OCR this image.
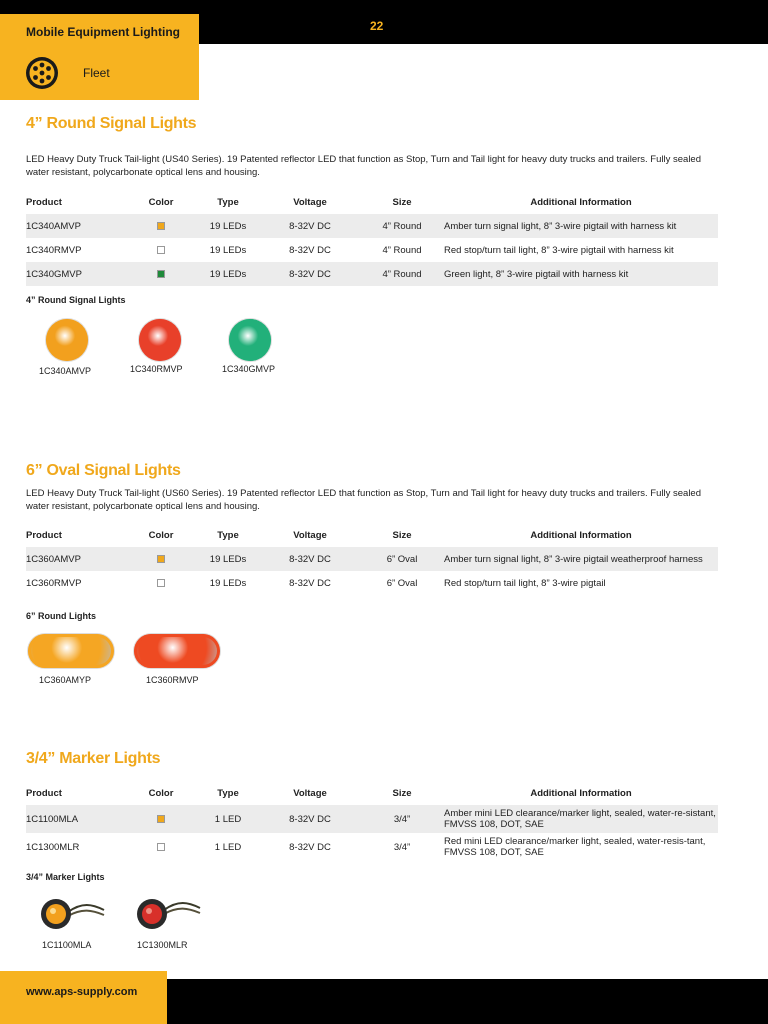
22
Mobile Equipment Lighting
Fleet
4” Round Signal Lights
LED Heavy Duty Truck Tail-light (US40 Series). 19 Patented reflector LED that function as Stop, Turn and Tail light for heavy duty trucks and trailers. Fully sealed water resistant, polycarbonate optical lens and housing.
Product	Color	Type	Voltage	Size	Additional Information
1C340AMVP		19 LEDs	8-32V DC	4” Round	Amber turn signal light, 8” 3-wire pigtail with harness kit
1C340RMVP		19 LEDs	8-32V DC	4” Round	Red stop/turn tail light, 8” 3-wire pigtail with harness kit
1C340GMVP		19 LEDs	8-32V DC	4” Round	Green light, 8” 3-wire pigtail with harness kit
4” Round Signal Lights
1C340AMVP	1C340RMVP	1C340GMVP
6” Oval Signal Lights
LED Heavy Duty Truck Tail-light (US60 Series). 19 Patented reflector LED that function as Stop, Turn and Tail light for heavy duty trucks and trailers. Fully sealed water resistant, polycarbonate optical lens and housing.
Product	Color	Type	Voltage	Size	Additional Information
1C360AMVP		19 LEDs	8-32V DC	6” Oval	Amber turn signal light, 8” 3-wire pigtail weatherproof harness
1C360RMVP		19 LEDs	8-32V DC	6” Oval	Red stop/turn tail light, 8” 3-wire pigtail
6” Round Lights
1C360AMYP	1C360RMVP
3/4” Marker Lights
Product	Color	Type	Voltage	Size	Additional Information
1C1100MLA		1 LED	8-32V DC	3/4”	Amber mini LED clearance/marker light, sealed, water-re-sistant, FMVSS 108, DOT, SAE
1C1300MLR		1 LED	8-32V DC	3/4”	Red mini LED clearance/marker light, sealed, water-resis-tant, FMVSS 108, DOT, SAE
3/4” Marker Lights
1C1100MLA	1C1300MLR
www.aps-supply.com
